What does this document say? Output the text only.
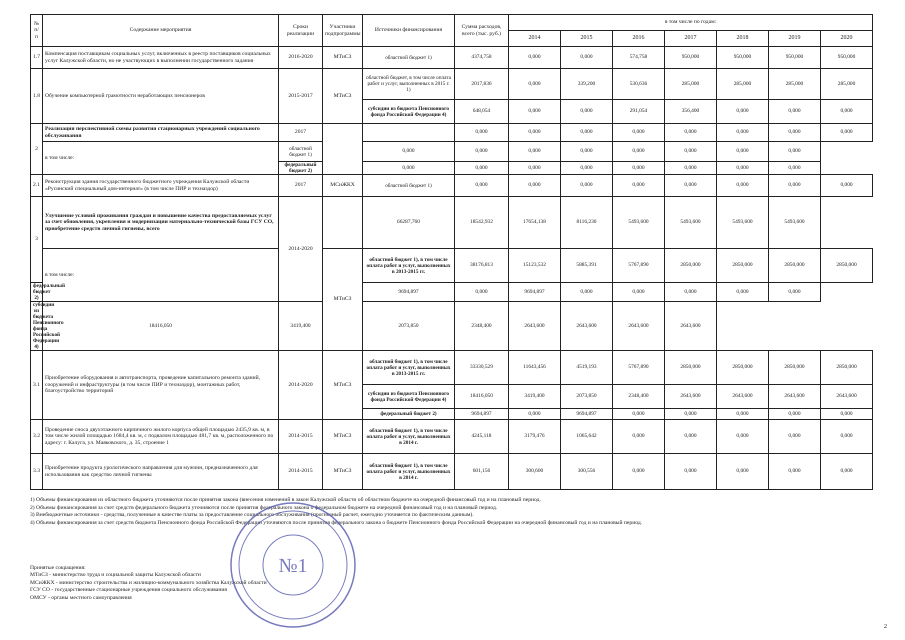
№ п/п	Содержание мероприятия	Сроки реализации	Участники подпрограммы	Источники финансирования	Сумма расходов, всего (тыс. руб.)	в том числе по годам:						
						2014	2015	2016	2017	2018	2019	2020
1.7	Компенсация поставщикам социальных услуг, включенных в реестр поставщиков социальных услуг Калужской области, но не участвующих в выполнении государственного задания	2016-2020	МТиСЗ	областной бюджет 1)	4374,758	0,000	0,000	574,758	950,000	950,000	950,000	950,000
1.8	Обучение компьютерной грамотности неработающих пенсионеров	2015-2017	МТиСЗ	областной бюджет, в том числе оплата работ и услуг, выполненных в 2015 г. 1)	2017,836	0,000	339,200	530,636	285,000	285,000	285,000	285,000
				субсидии из бюджета Пенсионного фонда Российской Федерации 4)	648,054	0,000	0,000	291,054	356,400	0,000	0,000	0,000
2	Реализация перспективной схемы развития стационарных учреждений социального обслуживания	2017			0,000	0,000	0,000	0,000	0,000	0,000	0,000	0,000
	в том числе:	областной бюджет 1)		0,000	0,000	0,000	0,000	0,000	0,000	0,000	0,000	
		федеральный бюджет 2)		0,000	0,000	0,000	0,000	0,000	0,000	0,000	0,000	
2.1	Реконструкция здания государственного бюджетного учреждения Калужской области «Русинский специальный дом-интернат» (в том числе ПИР и техназдор)	2017	МСиЖКХ	областной бюджет 1)	0,000	0,000	0,000	0,000	0,000	0,000	0,000	0,000
3	Улучшение условий проживания граждан и повышение качества предоставляемых услуг за счет обновления, укрепления и модернизации материально-технической базы ГСУ СО, приобретение средств личной гигиены, всего	2014-2020		66287,760	18542,932	17654,138	8116,230	5493,600	5493,600	5493,600	5493,600	
	в том числе:		МТиСЗ	областной бюджет 1), в том числе оплата работ и услуг, выполненных в 2013-2015 гг.	38176,813	15123,532	5885,391	5767,890	2850,000	2850,000	2850,000	2850,000
федеральный бюджет 2)				9694,897	0,000	9694,897	0,000	0,000	0,000	0,000	0,000	
субсидии из бюджета Пенсионного фонда Российской Федерации 4)	18416,050	3419,400		2073,850	2348,400	2643,600	2643,600	2643,600	2643,600			
3.1	Приобретение оборудования и автотранспорта, проведение капитального ремонта зданий, сооружений и инфраструктуры (в том числе ПИР и техназдор), монтажных работ, благоустройство территорий	2014-2020	МТиСЗ	областной бюджет 1), в том числе оплата работ и услуг, выполненных в 2013-2015 гг.	33330,529	11643,456	4519,193	5767,890	2850,000	2850,000	2850,000	2850,000
				субсидии из бюджета Пенсионного фонда Российской Федерации 4)	18416,050	3419,400	2073,850	2348,400	2643,600	2643,600	2643,600	2643,600
				федеральный бюджет 2)	9694,897	0,000	9694,897	0,000	0,000	0,000	0,000	0,000
3.2	Проведение сноса двухэтажного кирпичного жилого корпуса общей площадью 2435,9 кв. м, в том числе жилой площадью 1684,4 кв. м, с подвалом площадью 481,7 кв. м, расположенного по адресу: г. Калуга, ул. Маяковского, д. 35, строение 1	2014-2015	МТиСЗ	областной бюджет 1), в том числе оплата работ и услуг, выполненных в 2014 г.	4245,118	3179,476	1065,642	0,000	0,000	0,000	0,000	0,000
3.3	Приобретение продукта урологического направления для мужчин, предназначенного для использования как средство личной гигиены	2014-2015	МТиСЗ	областной бюджет 1), в том числе оплата работ и услуг, выполненных в 2014 г.	601,156	300,600	300,556	0,000	0,000	0,000	0,000	0,000

1) Объемы финансирования из областного бюджета уточняются после принятия закона (внесения изменений в закон Калужской области об областном бюджете на очередной финансовый год и на плановый период.

2) Объемы финансирования за счет средств федерального бюджета уточняются после принятия федерального закона о федеральном бюджете на очередной финансовый год и на плановый период.

3) Внебюджетные источники - средства, полученные в качестве платы за предоставление социального обслуживания (прогнозный расчет, ежегодно уточняется по фактическим данным).

4) Объемы финансирования за счет средств бюджета Пенсионного фонда Российской Федерации уточняются после принятия федерального закона о бюджете Пенсионного фонда Российской Федерации на очередной финансовый год и на плановый период.

Принятые сокращения:

МТиСЗ - министерство труда и социальной защиты Калужской области

МСиЖКХ - министерство строительства и жилищно-коммунального хозяйства Калужской области

ГСУ СО - государственные стационарные учреждения социального обслуживания

ОМСУ - органы местного самоуправления

№1
2
